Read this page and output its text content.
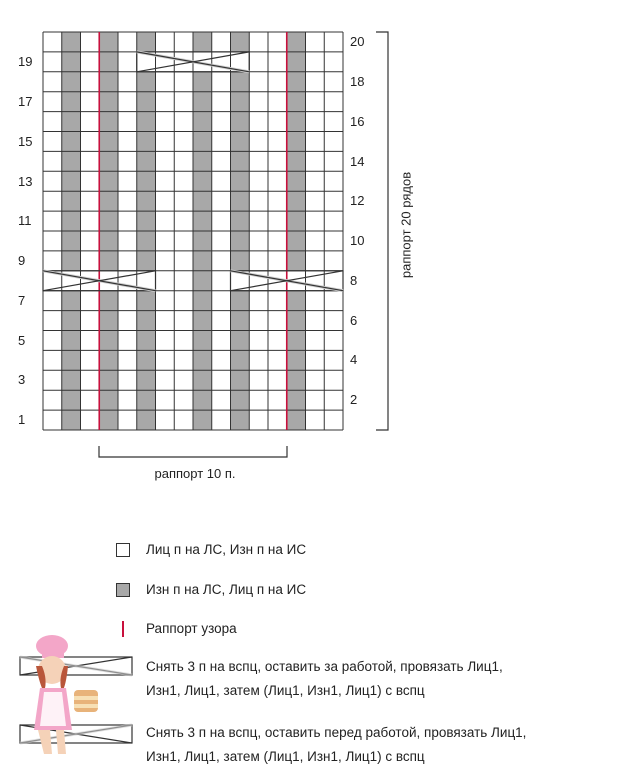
19
17
15
13
11
9
7
5
3
1
20
18
16
14
12
10
8
6
4
2
раппорт 20 рядов
раппорт 10 п.
Лиц п на ЛС, Изн п на ИС
Изн п на ЛС, Лиц п на ИС
Раппорт узора
Снять 3 п на вспц, оставить за работой, провязать Лиц1,
Изн1, Лиц1, затем (Лиц1, Изн1, Лиц1) с вспц
Снять 3 п на вспц, оставить перед работой, провязать Лиц1,
Изн1, Лиц1, затем (Лиц1, Изн1, Лиц1) с вспц
